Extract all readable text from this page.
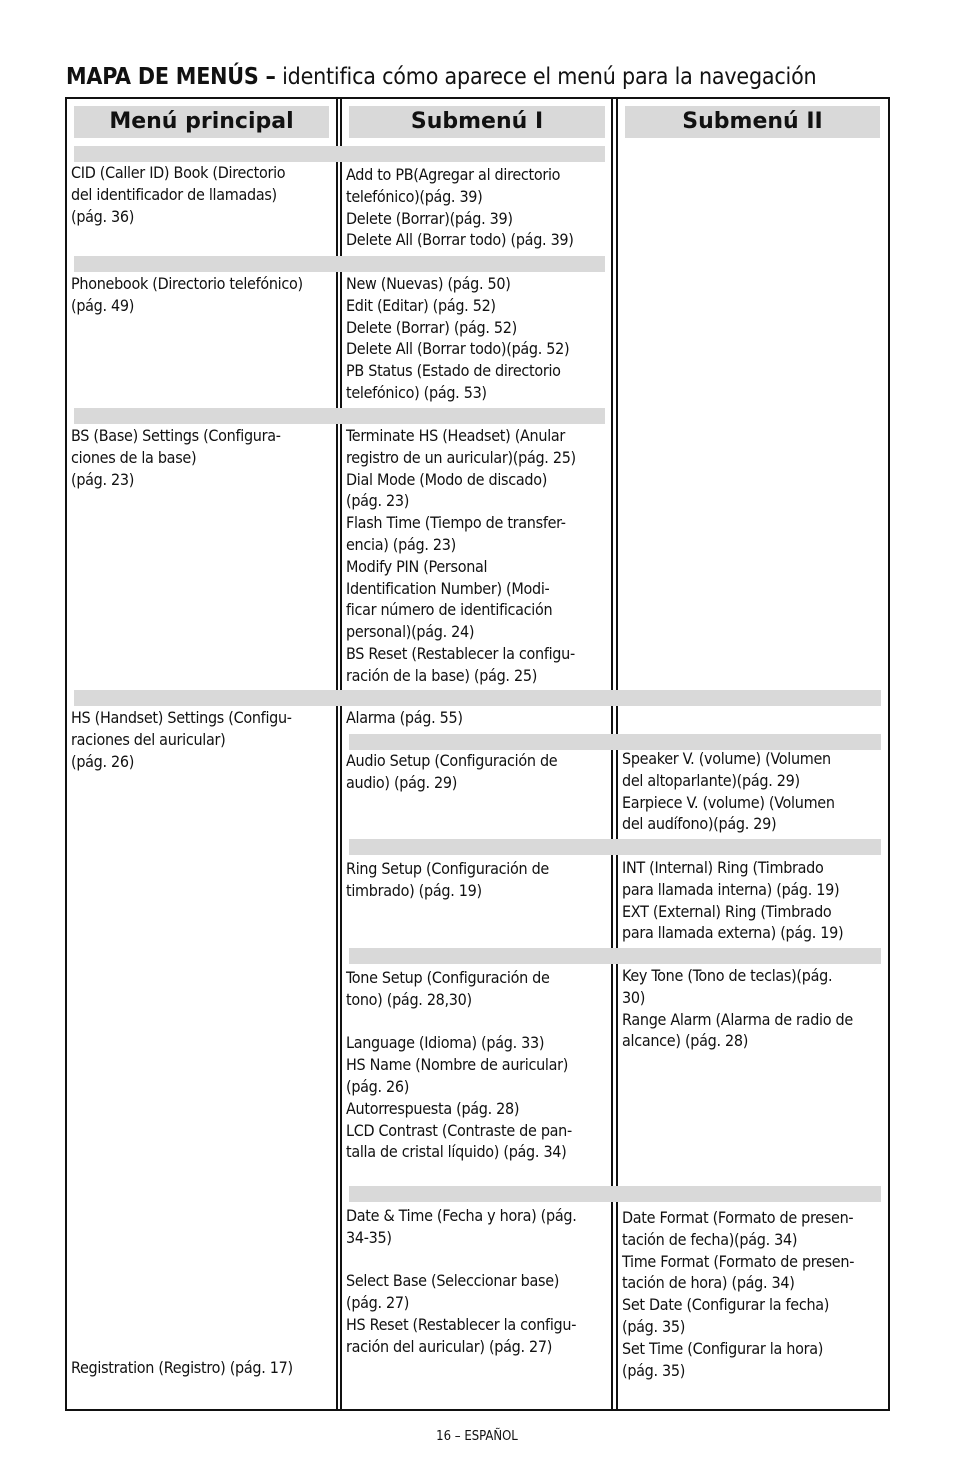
MAPA DE MENÚS – identifica cómo aparece el menú para la navegación
Menú principal	Submenú I	Submenú II
CID (Caller ID) Book (Directorio
del identificador de llamadas)
(pág. 36)
Phonebook (Directorio telefónico)
(pág. 49)
BS (Base) Settings (Configura-
ciones de la base)
(pág. 23)
HS (Handset) Settings (Configu-
raciones del auricular)
(pág. 26)
Registration (Registro) (pág. 17)
Add to PB(Agregar al directorio
telefónico)(pág. 39)
Delete (Borrar)(pág. 39)
Delete All (Borrar todo) (pág. 39)
New (Nuevas) (pág. 50)
Edit (Editar) (pág. 52)
Delete (Borrar) (pág. 52)
Delete All (Borrar todo)(pág. 52)
PB Status (Estado de directorio
telefónico) (pág. 53)
Terminate HS (Headset) (Anular
registro de un auricular)(pág. 25)
Dial Mode (Modo de discado)
(pág. 23)
Flash Time (Tiempo de transfer-
encia) (pág. 23)
Modify PIN (Personal
Identification Number) (Modi-
ficar número de identificación
personal)(pág. 24)
BS Reset (Restablecer la configu-
ración de la base) (pág. 25)
Alarma (pág. 55)
Audio Setup (Configuración de
audio) (pág. 29)
Ring Setup (Configuración de
timbrado) (pág. 19)
Tone Setup (Configuración de
tono) (pág. 28,30)

Language (Idioma) (pág. 33)
HS Name (Nombre de auricular)
(pág. 26)
Autorrespuesta (pág. 28)
LCD Contrast (Contraste de pan-
talla de cristal líquido) (pág. 34)
Date & Time (Fecha y hora) (pág.
34-35)

Select Base (Seleccionar base)
(pág. 27)
HS Reset (Restablecer la configu-
ración del auricular) (pág. 27)
Speaker V. (volume) (Volumen
del altoparlante)(pág. 29)
Earpiece V. (volume) (Volumen
del audífono)(pág. 29)
INT (Internal) Ring (Timbrado
para llamada interna) (pág. 19)
EXT (External) Ring (Timbrado
para llamada externa) (pág. 19)
Key Tone (Tono de teclas)(pág.
30)
Range Alarm (Alarma de radio de
alcance) (pág. 28)
Date Format (Formato de presen-
tación de fecha)(pág. 34)
Time Format (Formato de presen-
tación de hora) (pág. 34)
Set Date (Configurar la fecha)
(pág. 35)
Set Time (Configurar la hora)
(pág. 35)
16 – ESPAÑOL
